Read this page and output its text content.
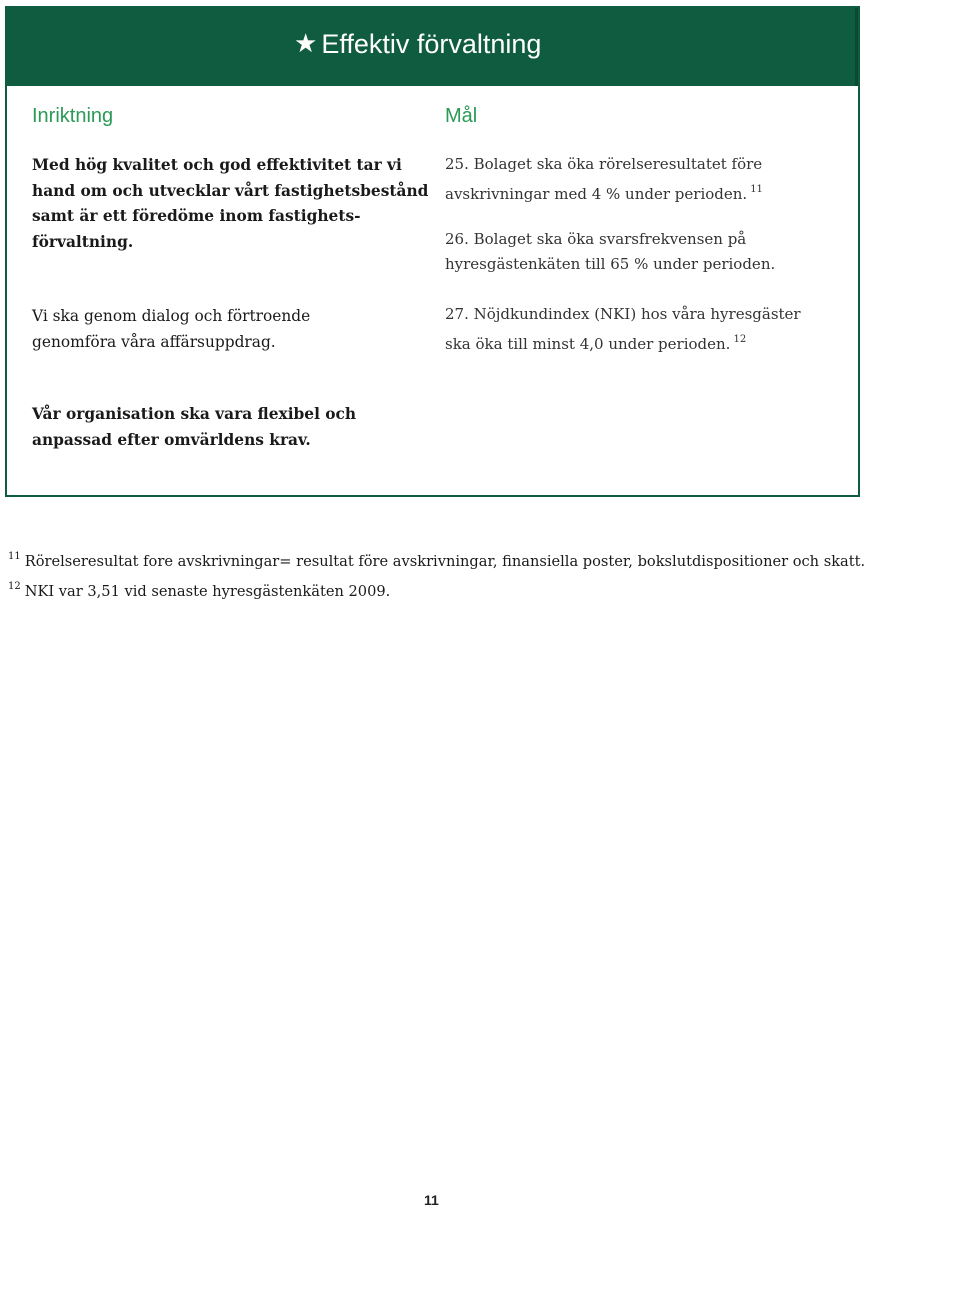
★ Effektiv förvaltning
Inriktning	Mål

Med hög kvalitet och god effektivitet tar vi
hand om och utvecklar vårt fastighetsbestånd
samt är ett föredöme inom fastighets-
förvaltning.

Vi ska genom dialog och förtroende
genomföra våra affärsuppdrag.

25. Bolaget ska öka rörelseresultatet före
avskrivningar med 4 % under perioden. $^{11}$

26. Bolaget ska öka svarsfrekvensen på
hyresgästenkäten till 65 % under perioden.

27. Nöjdkundindex (NKI) hos våra hyresgäster
ska öka till minst 4,0 under perioden. $^{12}$

Vår organisation ska vara flexibel och
anpassad efter omvärldens krav.

$^{11}$ Rörelseresultat fore avskrivningar= resultat före avskrivningar, finansiella poster, bokslutdispositioner och skatt.
$^{12}$ NKI var 3,51 vid senaste hyresgästenkäten 2009.
11
